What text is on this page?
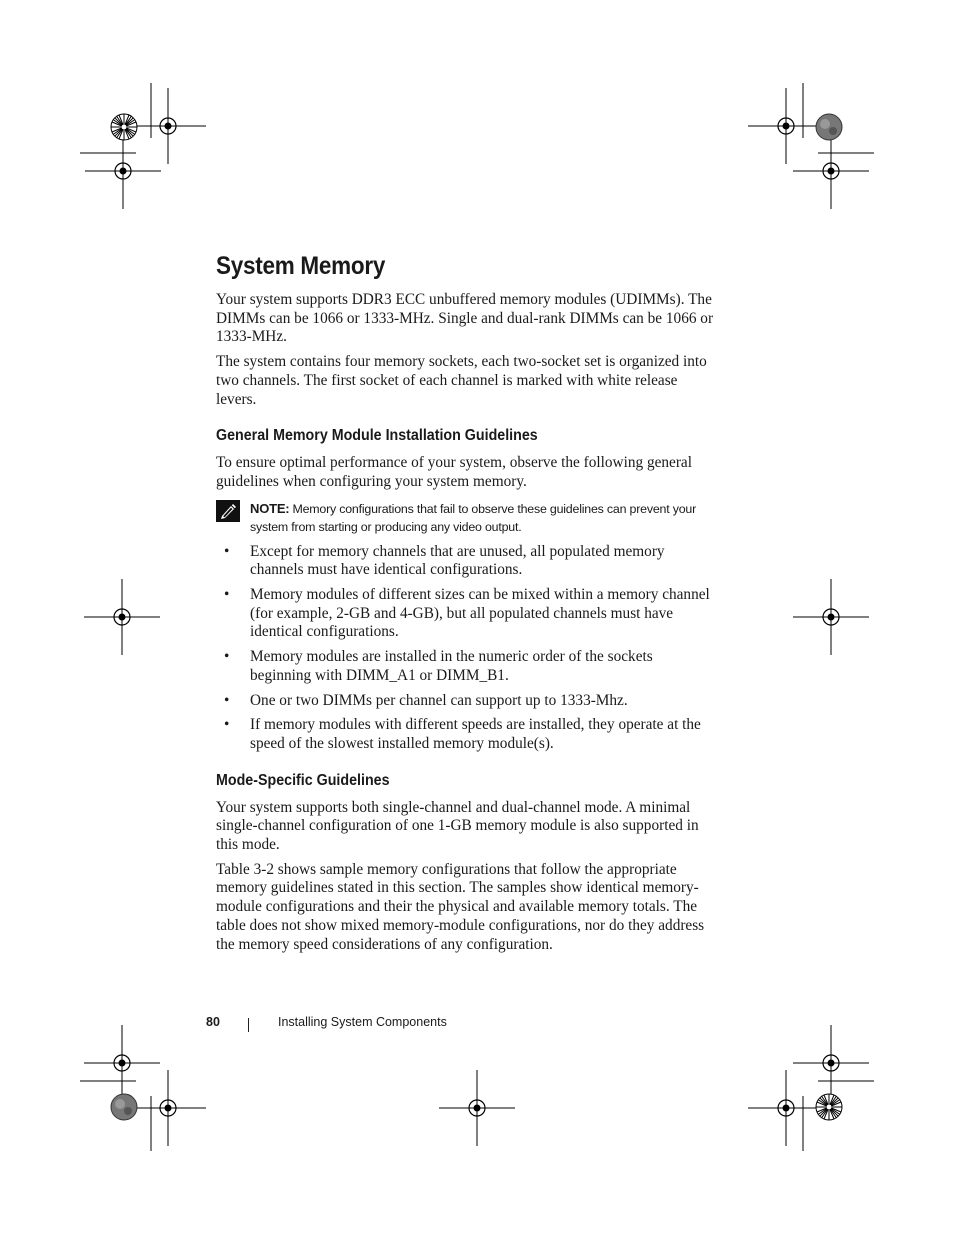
System Memory

Your system supports DDR3 ECC unbuffered memory modules (UDIMMs). The DIMMs can be 1066 or 1333-MHz. Single and dual-rank DIMMs can be 1066 or 1333-MHz.

The system contains four memory sockets, each two-socket set is organized into two channels. The first socket of each channel is marked with white release levers.

General Memory Module Installation Guidelines

To ensure optimal performance of your system, observe the following general guidelines when configuring your system memory.

NOTE: Memory configurations that fail to observe these guidelines can prevent your system from starting or producing any video output.
• Except for memory channels that are unused, all populated memory channels must have identical configurations.
• Memory modules of different sizes can be mixed within a memory channel (for example, 2-GB and 4-GB), but all populated channels must have identical configurations.
• Memory modules are installed in the numeric order of the sockets beginning with DIMM_A1 or DIMM_B1.
• One or two DIMMs per channel can support up to 1333-Mhz.
• If memory modules with different speeds are installed, they operate at the speed of the slowest installed memory module(s).
Mode-Specific Guidelines

Your system supports both single-channel and dual-channel mode. A minimal single-channel configuration of one 1-GB memory module is also supported in this mode.

Table 3-2 shows sample memory configurations that follow the appropriate memory guidelines stated in this section. The samples show identical memory-module configurations and their the physical and available memory totals. The table does not show mixed memory-module configurations, nor do they address the memory speed considerations of any configuration.

80	Installing System Components
